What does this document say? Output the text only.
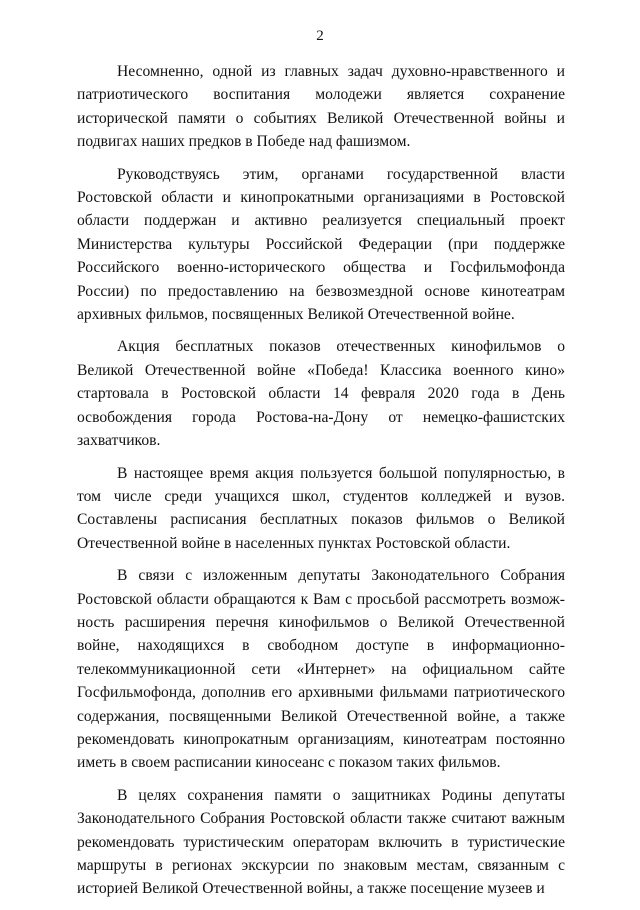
2

Несомненно, одной из главных задач духовно-нравственного и патриотического воспитания молодежи является сохранение исторической памяти о событиях Великой Отечественной войны и подвигах наших предков в Победе над фашизмом.

Руководствуясь этим, органами государственной власти Ростовской области и кинопрокатными организациями в Ростовской области поддержан и активно реализуется специальный проект Министерства культуры Российской Федерации (при поддержке Российского военно-исторического общества и Госфильмофонда России) по предоставлению на безвозмездной основе кинотеатрам архивных фильмов, посвященных Великой Отечественной войне.

Акция бесплатных показов отечественных кинофильмов о Великой Отечественной войне «Победа! Классика военного кино» стартовала в Ростовской области 14 февраля 2020 года в День освобождения города Ростова-на-Дону от немецко-фашистских захватчиков.

В настоящее время акция пользуется большой популярностью, в том числе среди учащихся школ, студентов колледжей и вузов. Составлены расписания бесплатных показов фильмов о Великой Отечественной войне в населенных пунктах Ростовской области.

В связи с изложенным депутаты Законодательного Собрания Ростовской области обращаются к Вам с просьбой рассмотреть возможность расширения перечня кинофильмов о Великой Отечественной войне, находящихся в свободном доступе в информационно-телекоммуникационной сети «Интернет» на официальном сайте Госфильмофонда, дополнив его архивными фильмами патриотического содержания, посвященными Великой Отечественной войне, а также рекомендовать кинопрокатным организациям, кинотеатрам постоянно иметь в своем расписании киносеанс с показом таких фильмов.

В целях сохранения памяти о защитниках Родины депутаты Законодательного Собрания Ростовской области также считают важным рекомендовать туристическим операторам включить в туристические маршруты в регионах экскурсии по знаковым местам, связанным с историей Великой Отечественной войны, а также посещение музеев и
